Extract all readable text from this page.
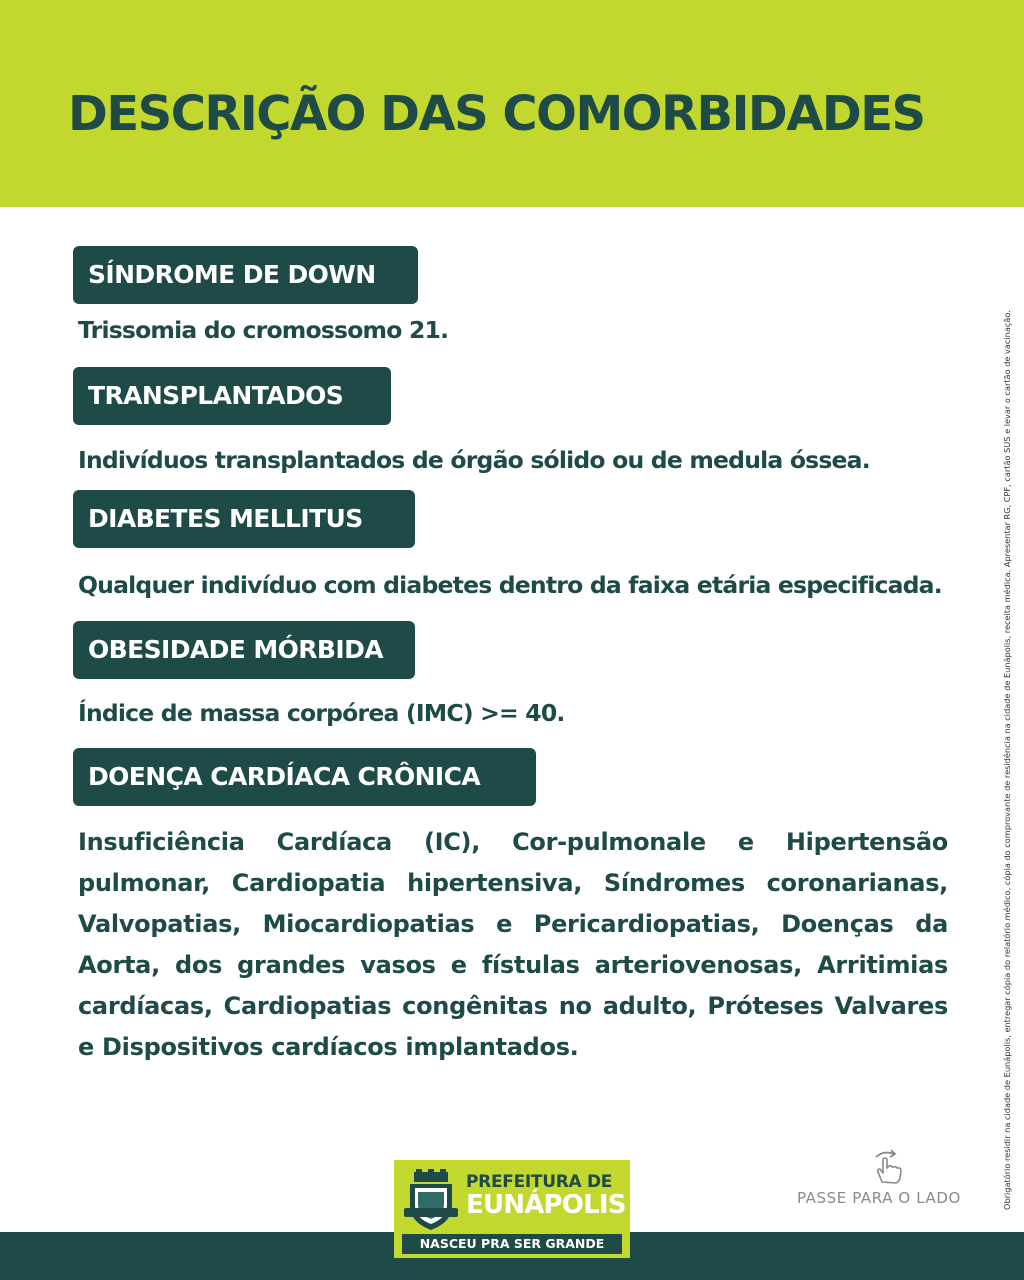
DESCRIÇÃO DAS COMORBIDADES
Obrigatório residir na cidade de Eunápolis, entregar cópia do relatório médico, cópia do comprovante de residência na cidade de Eunápolis, receita médica. Apresentar RG, CPF, cartão SUS e levar o cartão de vacinação.
SÍNDROME DE DOWN
Trissomia do cromossomo 21.
TRANSPLANTADOS
Indivíduos transplantados de órgão sólido ou de medula óssea.
DIABETES MELLITUS
Qualquer indivíduo com diabetes dentro da faixa etária especificada.
OBESIDADE MÓRBIDA
Índice de massa corpórea (IMC) >= 40.
DOENÇA CARDÍACA CRÔNICA
Insuficiência Cardíaca (IC), Cor-pulmonale e Hipertensão pulmonar, Cardiopatia hipertensiva, Síndromes coronarianas, Valvopatias, Miocardiopatias e Pericardiopatias, Doenças da Aorta, dos grandes vasos e fístulas arteriovenosas, Arritimias cardíacas, Cardiopatias congênitas no adulto, Próteses Valvares e Dispositivos cardíacos implantados.
PREFEITURA DE
EUNÁPOLIS
NASCEU PRA SER GRANDE
PASSE PARA O LADO
